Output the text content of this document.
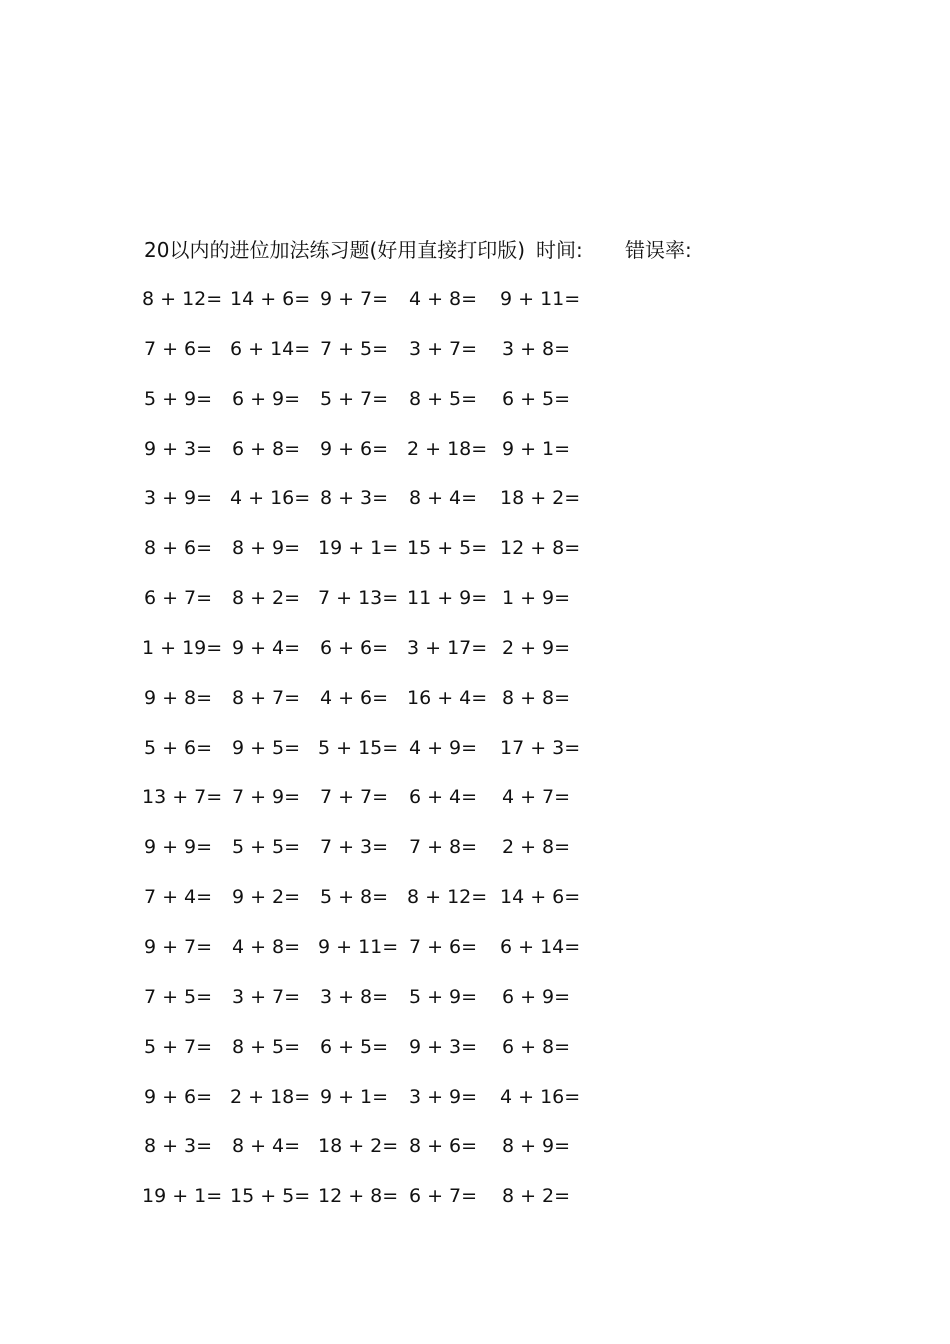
20以内的进位加法练习题(好用直接打印版) 时间: 错误率:
8 + 12= 14 + 6= 9 + 7= 4 + 8= 9 + 11=
7 + 6= 6 + 14= 7 + 5= 3 + 7= 3 + 8=
5 + 9= 6 + 9= 5 + 7= 8 + 5= 6 + 5=
9 + 3= 6 + 8= 9 + 6= 2 + 18= 9 + 1=
3 + 9= 4 + 16= 8 + 3= 8 + 4= 18 + 2=
8 + 6= 8 + 9= 19 + 1= 15 + 5= 12 + 8=
6 + 7= 8 + 2= 7 + 13= 11 + 9= 1 + 9=
1 + 19= 9 + 4= 6 + 6= 3 + 17= 2 + 9=
9 + 8= 8 + 7= 4 + 6= 16 + 4= 8 + 8=
5 + 6= 9 + 5= 5 + 15= 4 + 9= 17 + 3=
13 + 7= 7 + 9= 7 + 7= 6 + 4= 4 + 7=
9 + 9= 5 + 5= 7 + 3= 7 + 8= 2 + 8=
7 + 4= 9 + 2= 5 + 8= 8 + 12= 14 + 6=
9 + 7= 4 + 8= 9 + 11= 7 + 6= 6 + 14=
7 + 5= 3 + 7= 3 + 8= 5 + 9= 6 + 9=
5 + 7= 8 + 5= 6 + 5= 9 + 3= 6 + 8=
9 + 6= 2 + 18= 9 + 1= 3 + 9= 4 + 16=
8 + 3= 8 + 4= 18 + 2= 8 + 6= 8 + 9=
19 + 1= 15 + 5= 12 + 8= 6 + 7= 8 + 2=
